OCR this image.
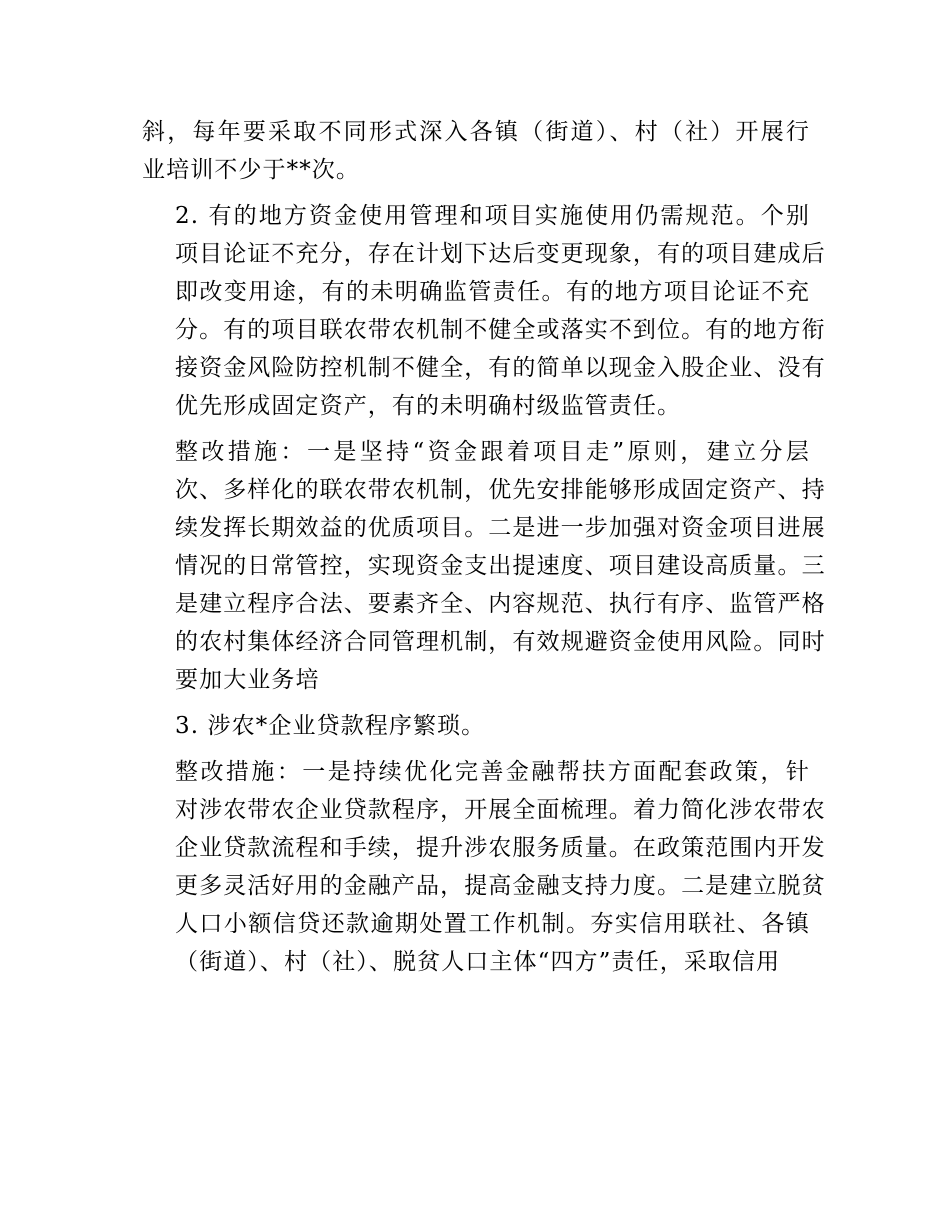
斜，每年要采取不同形式深入各镇（街道）、村（社）开展行
业培训不少于**次。
2. 有的地方资金使用管理和项目实施使用仍需规范。个别
项目论证不充分，存在计划下达后变更现象，有的项目建成后
即改变用途，有的未明确监管责任。有的地方项目论证不充
分。有的项目联农带农机制不健全或落实不到位。有的地方衔
接资金风险防控机制不健全，有的简单以现金入股企业、没有
优先形成固定资产，有的未明确村级监管责任。
整改措施：一是坚持“资金跟着项目走”原则，建立分层
次、多样化的联农带农机制，优先安排能够形成固定资产、持
续发挥长期效益的优质项目。二是进一步加强对资金项目进展
情况的日常管控，实现资金支出提速度、项目建设高质量。三
是建立程序合法、要素齐全、内容规范、执行有序、监管严格
的农村集体经济合同管理机制，有效规避资金使用风险。同时
要加大业务培
3. 涉农*企业贷款程序繁琐。
整改措施：一是持续优化完善金融帮扶方面配套政策，针
对涉农带农企业贷款程序，开展全面梳理。着力简化涉农带农
企业贷款流程和手续，提升涉农服务质量。在政策范围内开发
更多灵活好用的金融产品，提高金融支持力度。二是建立脱贫
人口小额信贷还款逾期处置工作机制。夯实信用联社、各镇
（街道）、村（社）、脱贫人口主体“四方”责任，采取信用
